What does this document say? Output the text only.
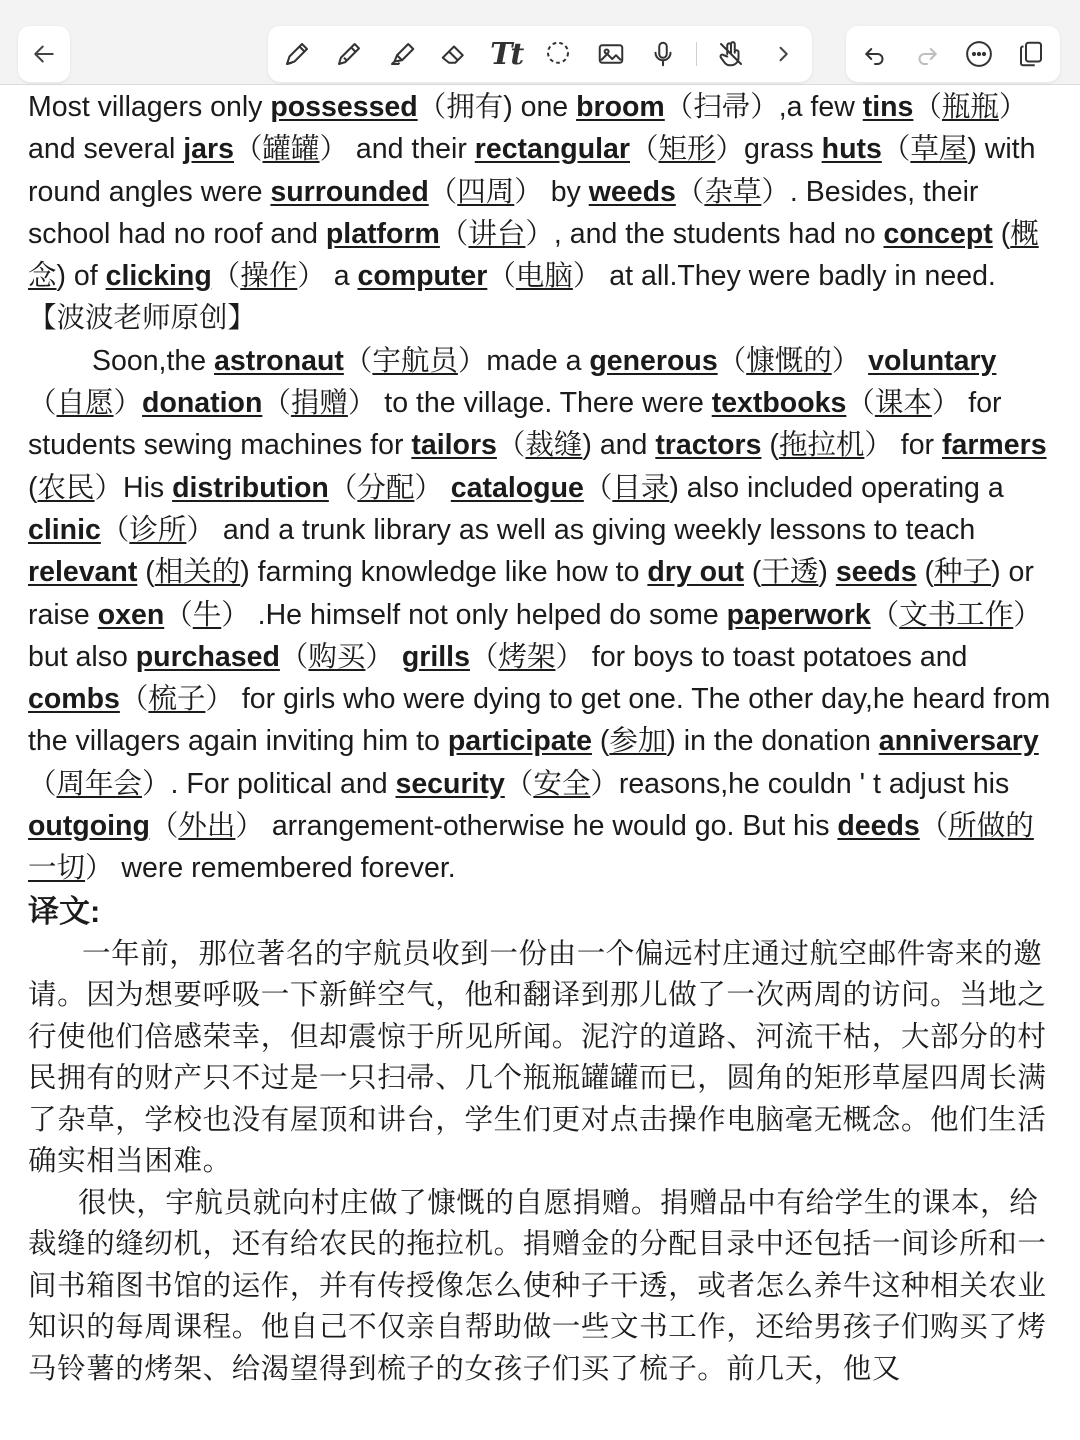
Tt

Most villagers only possessed（拥有) one broom（扫帚）,a few tins（瓶瓶）and several jars（罐罐） and their rectangular（矩形）grass huts（草屋) with round angles were surrounded（四周） by weeds（杂草）. Besides, their school had no roof and platform（讲台）, and the students had no concept (概念) of clicking（操作） a computer（电脑） at all.They were badly in need. 【波波老师原创】

Soon,the astronaut（宇航员）made a generous（慷慨的） voluntary （自愿）donation（捐赠） to the village. There were textbooks（课本） for students sewing machines for tailors（裁缝) and tractors (拖拉机） for farmers (农民）His distribution（分配） catalogue（目录) also included operating a clinic（诊所） and a trunk library as well as giving weekly lessons to teach relevant (相关的) farming knowledge like how to dry out (干透) seeds (种子) or raise oxen（牛） .He himself not only helped do some paperwork（文书工作） but also purchased（购买） grills（烤架） for boys to toast potatoes and combs（梳子） for girls who were dying to get one. The other day,he heard from the villagers again inviting him to participate (参加) in the donation anniversary（周年会）. For political and security（安全）reasons,he couldn ' t adjust his outgoing（外出） arrangement-otherwise he would go. But his deeds（所做的一切） were remembered forever.

译文:

一年前，那位著名的宇航员收到一份由一个偏远村庄通过航空邮件寄来的邀请。因为想要呼吸一下新鲜空气，他和翻译到那儿做了一次两周的访问。当地之行使他们倍感荣幸，但却震惊于所见所闻。泥泞的道路、河流干枯，大部分的村民拥有的财产只不过是一只扫帚、几个瓶瓶罐罐而已，圆角的矩形草屋四周长满了杂草，学校也没有屋顶和讲台，学生们更对点击操作电脑毫无概念。他们生活确实相当困难。

很快，宇航员就向村庄做了慷慨的自愿捐赠。捐赠品中有给学生的课本，给裁缝的缝纫机，还有给农民的拖拉机。捐赠金的分配目录中还包括一间诊所和一间书箱图书馆的运作，并有传授像怎么使种子干透，或者怎么养牛这种相关农业知识的每周课程。他自己不仅亲自帮助做一些文书工作，还给男孩子们购买了烤马铃薯的烤架、给渴望得到梳子的女孩子们买了梳子。前几天，他又
